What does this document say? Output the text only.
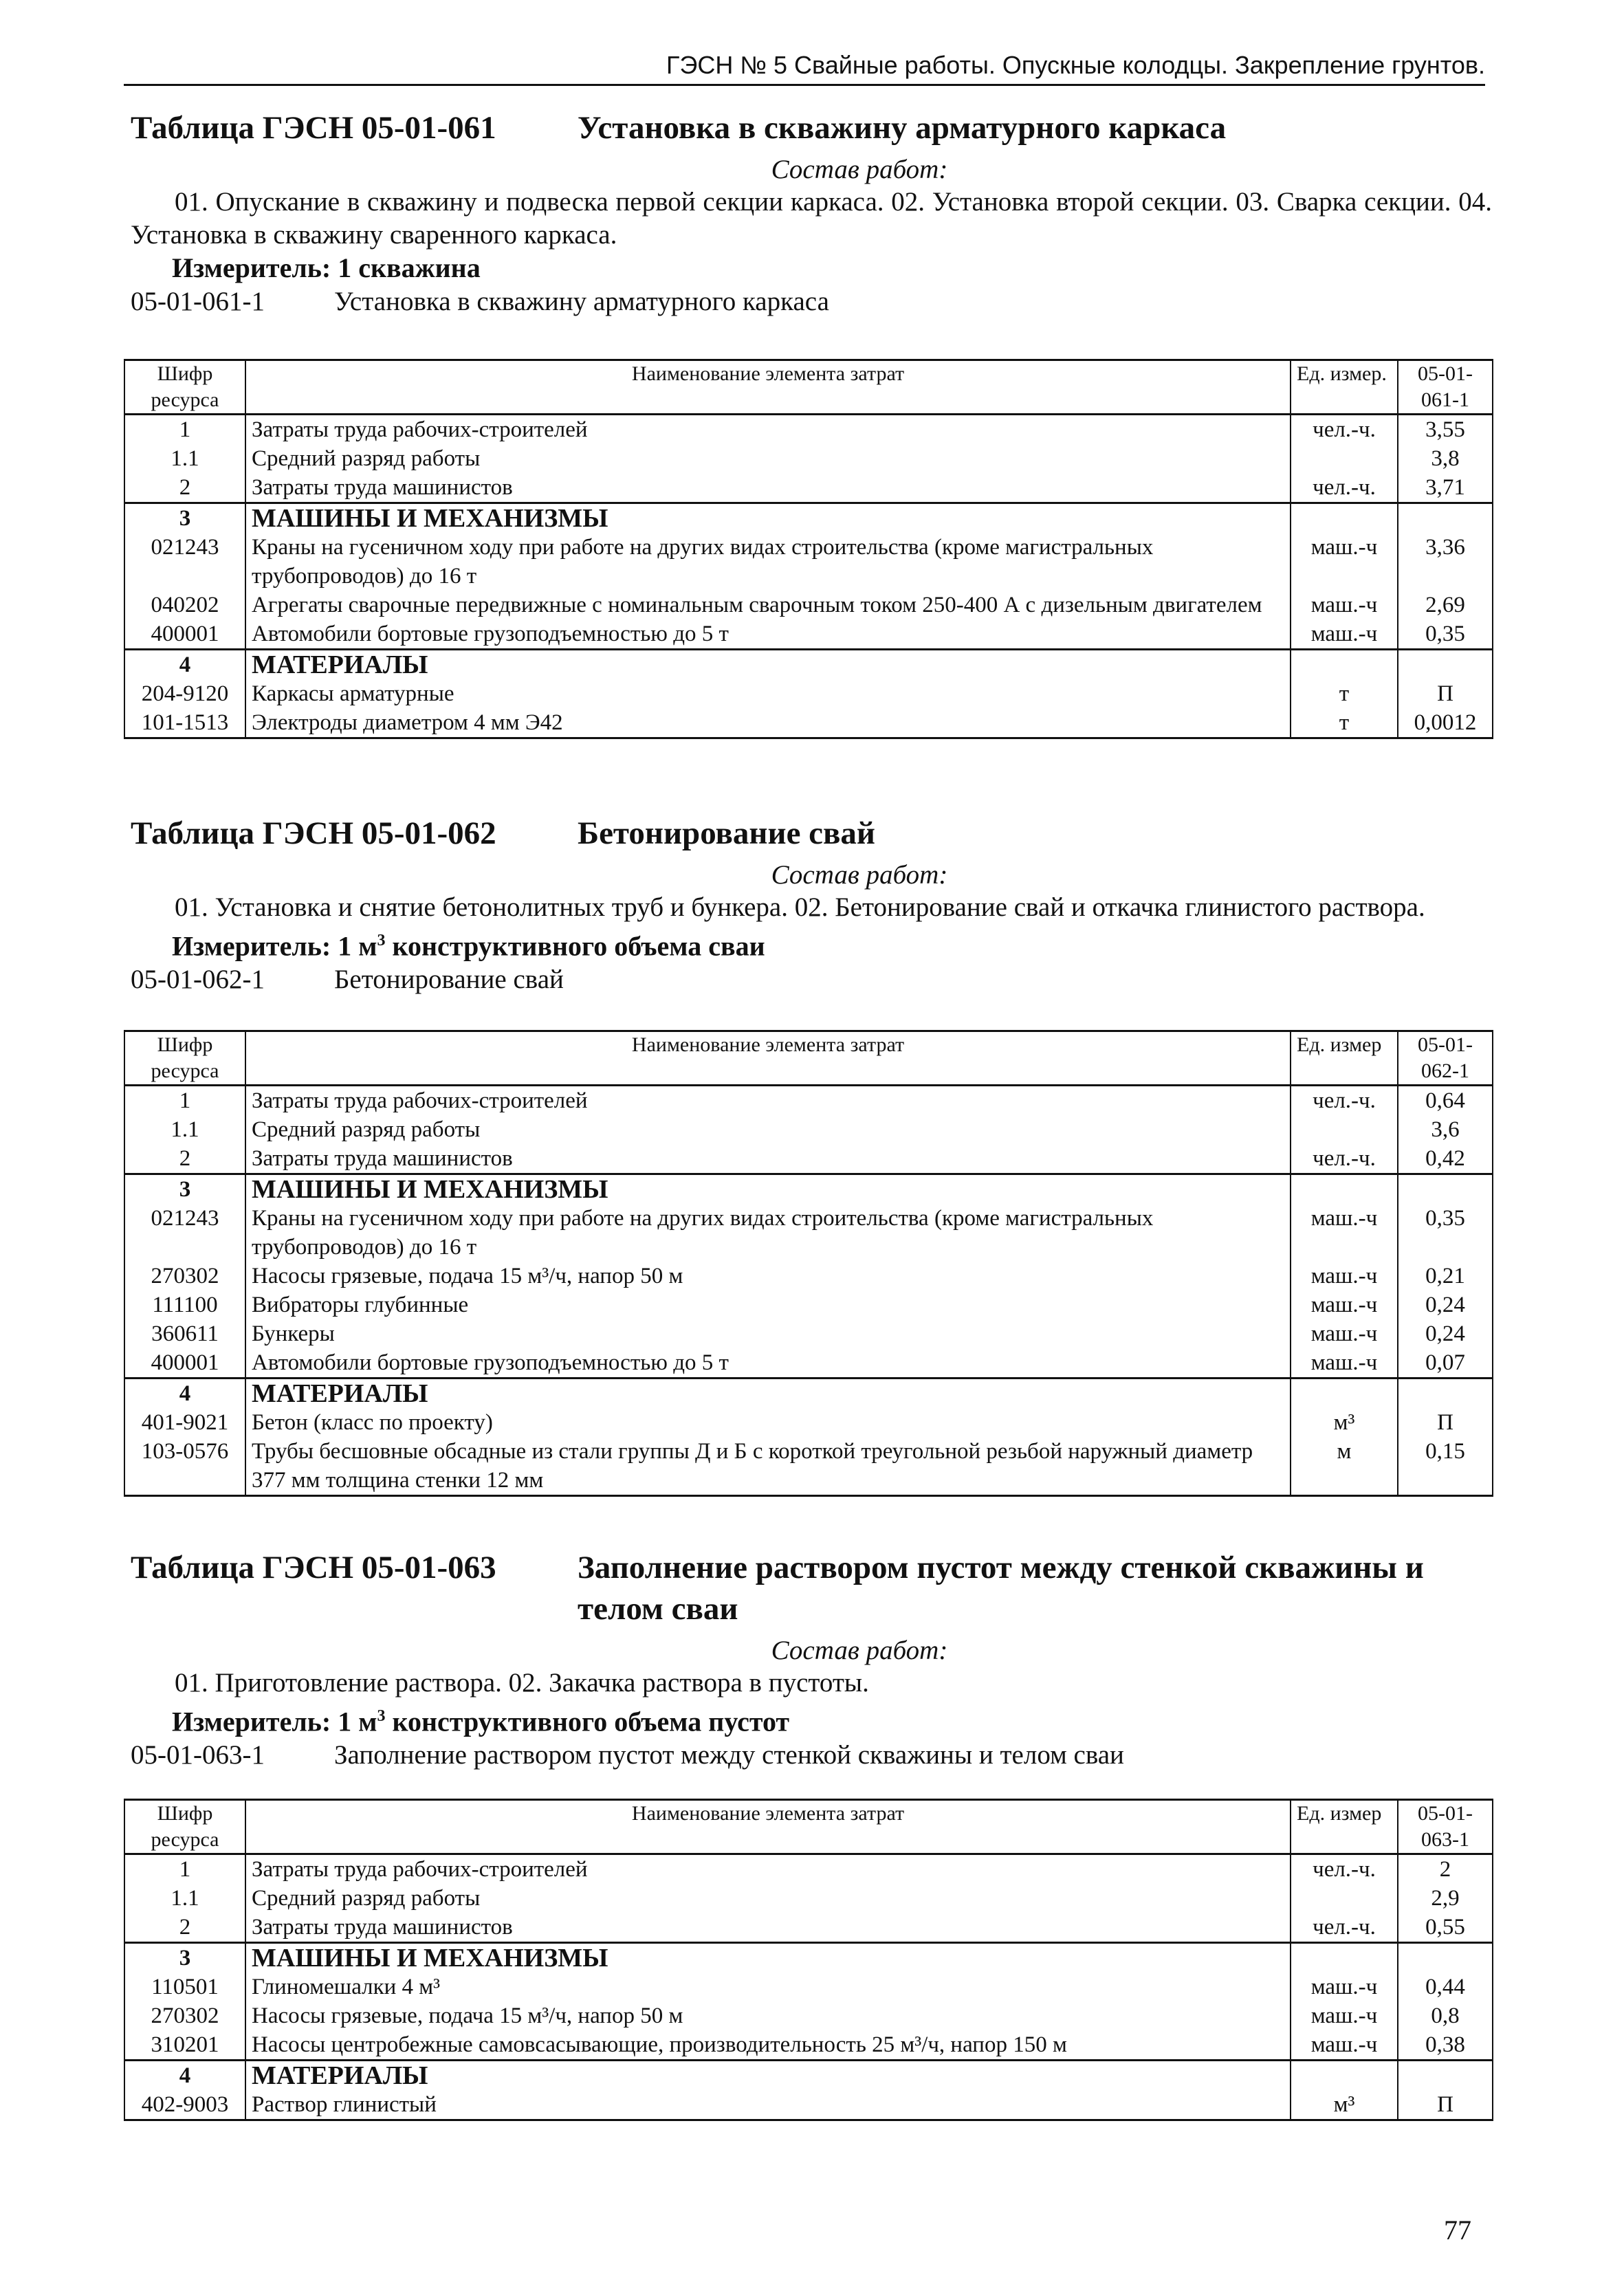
ГЭСН № 5 Свайные работы. Опускные колодцы. Закрепление грунтов.
Таблица ГЭСН 05-01-061	Установка в скважину арматурного каркаса
Состав работ:
01. Опускание в скважину и подвеска первой секции каркаса. 02. Установка второй секции. 03. Сварка секции. 04. Установка в скважину сваренного каркаса.
Измеритель: 1 скважина
05-01-061-1	Установка в скважину арматурного каркаса
Шифр ресурса	Наименование элемента затрат	Ед. измер.	05-01-061-1
1	Затраты труда рабочих-строителей	чел.-ч.	3,55
1.1	Средний разряд работы		3,8
2	Затраты труда машинистов	чел.-ч.	3,71
3	МАШИНЫ И МЕХАНИЗМЫ		
021243	Краны на гусеничном ходу при работе на других видах строительства (кроме магистральных трубопроводов) до 16 т	маш.-ч	3,36
040202	Агрегаты сварочные передвижные с номинальным сварочным током 250-400 А с дизельным двигателем	маш.-ч	2,69
400001	Автомобили бортовые грузоподъемностью до 5 т	маш.-ч	0,35
4	МАТЕРИАЛЫ		
204-9120	Каркасы арматурные	т	П
101-1513	Электроды диаметром 4 мм Э42	т	0,0012
Таблица ГЭСН 05-01-062	Бетонирование свай
Состав работ:
01. Установка и снятие бетонолитных труб и бункера. 02. Бетонирование свай и откачка глинистого раствора.
Измеритель: 1 $м^3$ конструктивного объема сваи
05-01-062-1	Бетонирование свай
Шифр ресурса	Наименование элемента затрат	Ед. измер	05-01-062-1
1	Затраты труда рабочих-строителей	чел.-ч.	0,64
1.1	Средний разряд работы		3,6
2	Затраты труда машинистов	чел.-ч.	0,42
3	МАШИНЫ И МЕХАНИЗМЫ		
021243	Краны на гусеничном ходу при работе на других видах строительства (кроме магистральных трубопроводов) до 16 т	маш.-ч	0,35
270302	Насосы грязевые, подача 15 м³/ч, напор 50 м	маш.-ч	0,21
111100	Вибраторы глубинные	маш.-ч	0,24
360611	Бункеры	маш.-ч	0,24
400001	Автомобили бортовые грузоподъемностью до 5 т	маш.-ч	0,07
4	МАТЕРИАЛЫ		
401-9021	Бетон (класс по проекту)	м³	П
103-0576	Трубы бесшовные обсадные из стали группы Д и Б с короткой треугольной резьбой наружный диаметр 377 мм толщина стенки 12 мм	м	0,15
Таблица ГЭСН 05-01-063	Заполнение раствором пустот между стенкой скважины и телом сваи
Состав работ:
01. Приготовление раствора. 02. Закачка раствора в пустоты.
Измеритель: 1 $м^3$ конструктивного объема пустот
05-01-063-1	Заполнение раствором пустот между стенкой скважины и телом сваи
Шифр ресурса	Наименование элемента затрат	Ед. измер	05-01-063-1
1	Затраты труда рабочих-строителей	чел.-ч.	2
1.1	Средний разряд работы		2,9
2	Затраты труда машинистов	чел.-ч.	0,55
3	МАШИНЫ И МЕХАНИЗМЫ		
110501	Глиномешалки 4 м³	маш.-ч	0,44
270302	Насосы грязевые, подача 15 м³/ч, напор 50 м	маш.-ч	0,8
310201	Насосы центробежные самовсасывающие, производительность 25 м³/ч, напор 150 м	маш.-ч	0,38
4	МАТЕРИАЛЫ		
402-9003	Раствор глинистый	м³	П
77
